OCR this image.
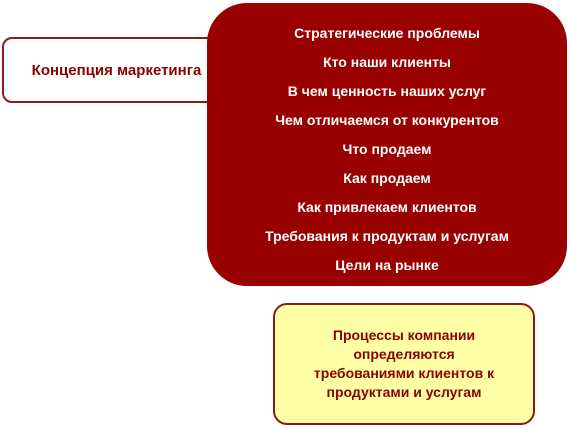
Концепция маркетинга
Стратегические проблемы
Кто наши клиенты
В чем ценность наших услуг
Чем отличаемся от конкурентов
Что продаем
Как продаем
Как привлекаем клиентов
Требования к продуктам и услугам
Цели на рынке
Процессы компании
определяются
требованиями клиентов к
продуктами и услугам
